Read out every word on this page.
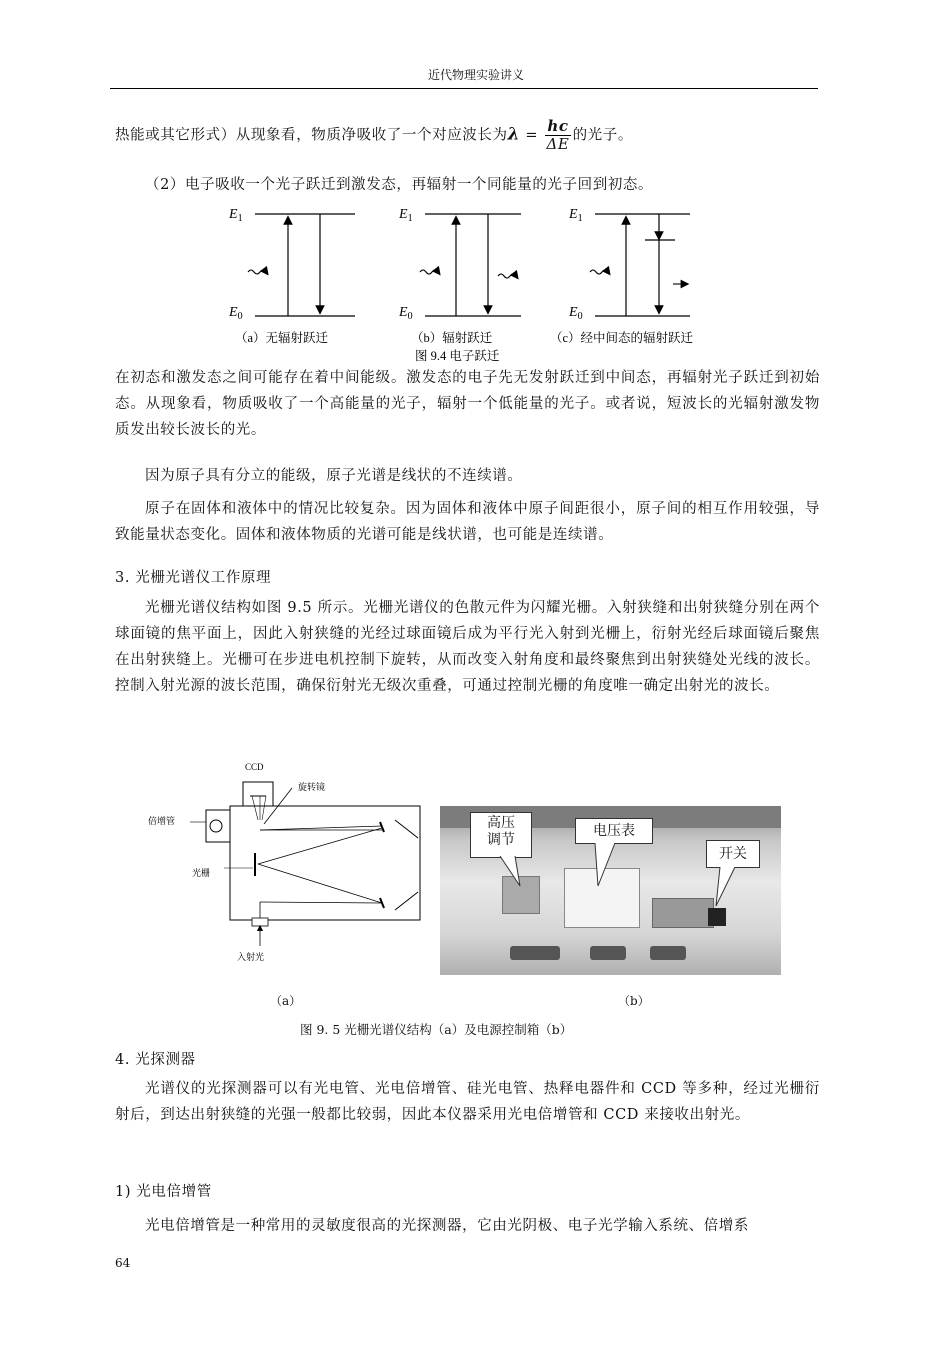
近代物理实验讲义
热能或其它形式）从现象看，物质净吸收了一个对应波长为$\lambda = \frac{hc}{\Delta E}$ 的光子。
（2）电子吸收一个光子跃迁到激发态，再辐射一个同能量的光子回到初态。
$E_1$
$E_0$
$E_1$
$E_0$
$E_1$
$E_0$
（a）无辐射跃迁	（b）辐射跃迁	（c）经中间态的辐射跃迁
图 9.4 电子跃迁
在初态和激发态之间可能存在着中间能级。激发态的电子先无发射跃迁到中间态，再辐射光子跃迁到初始态。从现象看，物质吸收了一个高能量的光子，辐射一个低能量的光子。或者说，短波长的光辐射激发物质发出较长波长的光。
因为原子具有分立的能级，原子光谱是线状的不连续谱。
原子在固体和液体中的情况比较复杂。因为固体和液体中原子间距很小，原子间的相互作用较强，导致能量状态变化。固体和液体物质的光谱可能是线状谱，也可能是连续谱。
3. 光栅光谱仪工作原理
光栅光谱仪结构如图 9.5 所示。光栅光谱仪的色散元件为闪耀光栅。入射狭缝和出射狭缝分别在两个球面镜的焦平面上，因此入射狭缝的光经过球面镜后成为平行光入射到光栅上，衍射光经后球面镜后聚焦在出射狭缝上。光栅可在步进电机控制下旋转，从而改变入射角度和最终聚焦到出射狭缝处光线的波长。控制入射光源的波长范围，确保衍射光无级次重叠，可通过控制光栅的角度唯一确定出射光的波长。
CCD
旋转镜
倍增管
光栅
入射光
高压
调节
电压表
开关
（a）	（b）
图 9. 5 光栅光谱仪结构（a）及电源控制箱（b）
4. 光探测器
光谱仪的光探测器可以有光电管、光电倍增管、硅光电管、热释电器件和 CCD 等多种，经过光栅衍射后，到达出射狭缝的光强一般都比较弱，因此本仪器采用光电倍增管和 CCD 来接收出射光。
1) 光电倍增管
光电倍增管是一种常用的灵敏度很高的光探测器，它由光阴极、电子光学输入系统、倍增系
64
